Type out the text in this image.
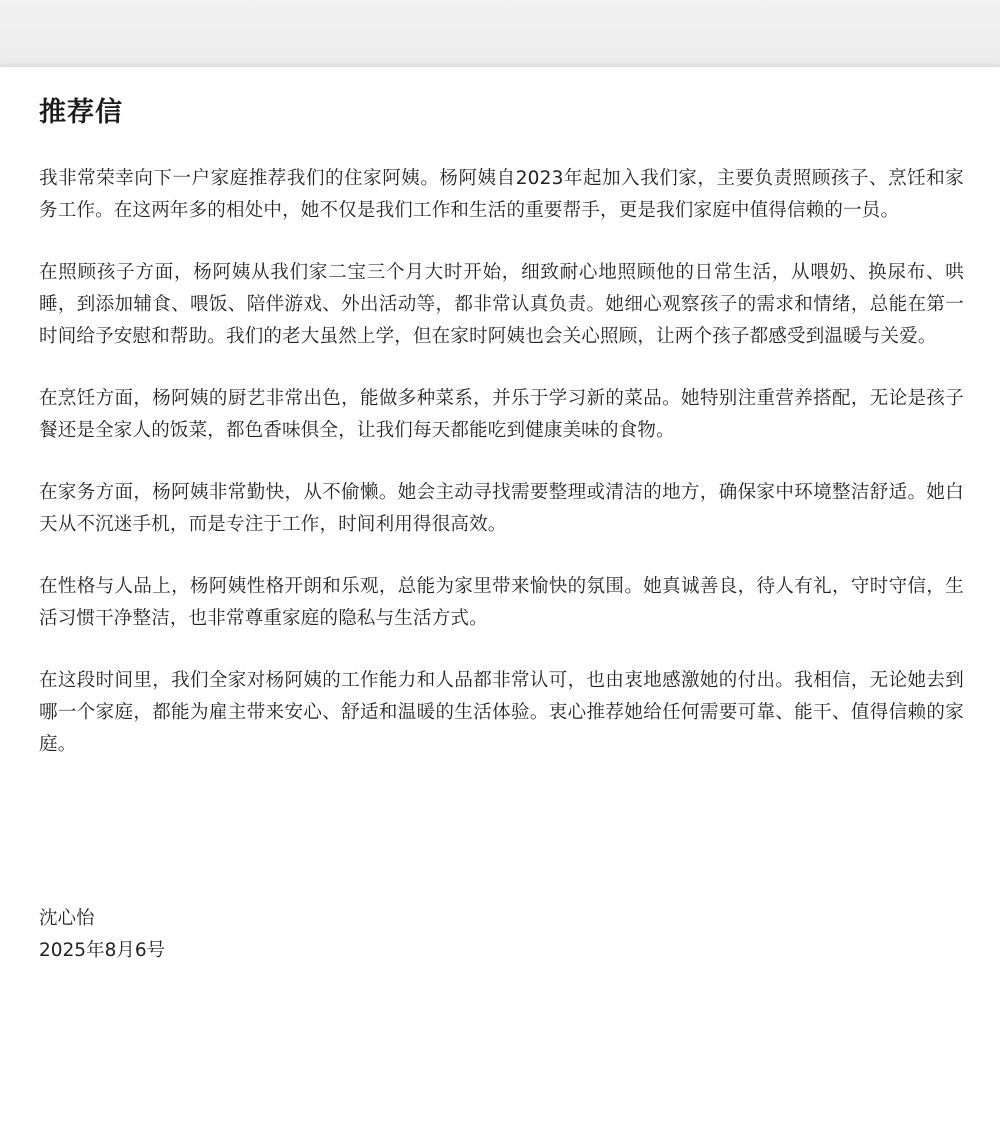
推荐信

我非常荣幸向下一户家庭推荐我们的住家阿姨。杨阿姨自2023年起加入我们家，主要负责照顾孩子、烹饪和家务工作。在这两年多的相处中，她不仅是我们工作和生活的重要帮手，更是我们家庭中值得信赖的一员。

在照顾孩子方面，杨阿姨从我们家二宝三个月大时开始，细致耐心地照顾他的日常生活，从喂奶、换尿布、哄睡，到添加辅食、喂饭、陪伴游戏、外出活动等，都非常认真负责。她细心观察孩子的需求和情绪，总能在第一时间给予安慰和帮助。我们的老大虽然上学，但在家时阿姨也会关心照顾，让两个孩子都感受到温暖与关爱。

在烹饪方面，杨阿姨的厨艺非常出色，能做多种菜系，并乐于学习新的菜品。她特别注重营养搭配，无论是孩子餐还是全家人的饭菜，都色香味俱全，让我们每天都能吃到健康美味的食物。

在家务方面，杨阿姨非常勤快，从不偷懒。她会主动寻找需要整理或清洁的地方，确保家中环境整洁舒适。她白天从不沉迷手机，而是专注于工作，时间利用得很高效。

在性格与人品上，杨阿姨性格开朗和乐观，总能为家里带来愉快的氛围。她真诚善良，待人有礼，守时守信，生活习惯干净整洁，也非常尊重家庭的隐私与生活方式。

在这段时间里，我们全家对杨阿姨的工作能力和人品都非常认可，也由衷地感激她的付出。我相信，无论她去到哪一个家庭，都能为雇主带来安心、舒适和温暖的生活体验。衷心推荐她给任何需要可靠、能干、值得信赖的家庭。

沈心怡
2025年8月6号
